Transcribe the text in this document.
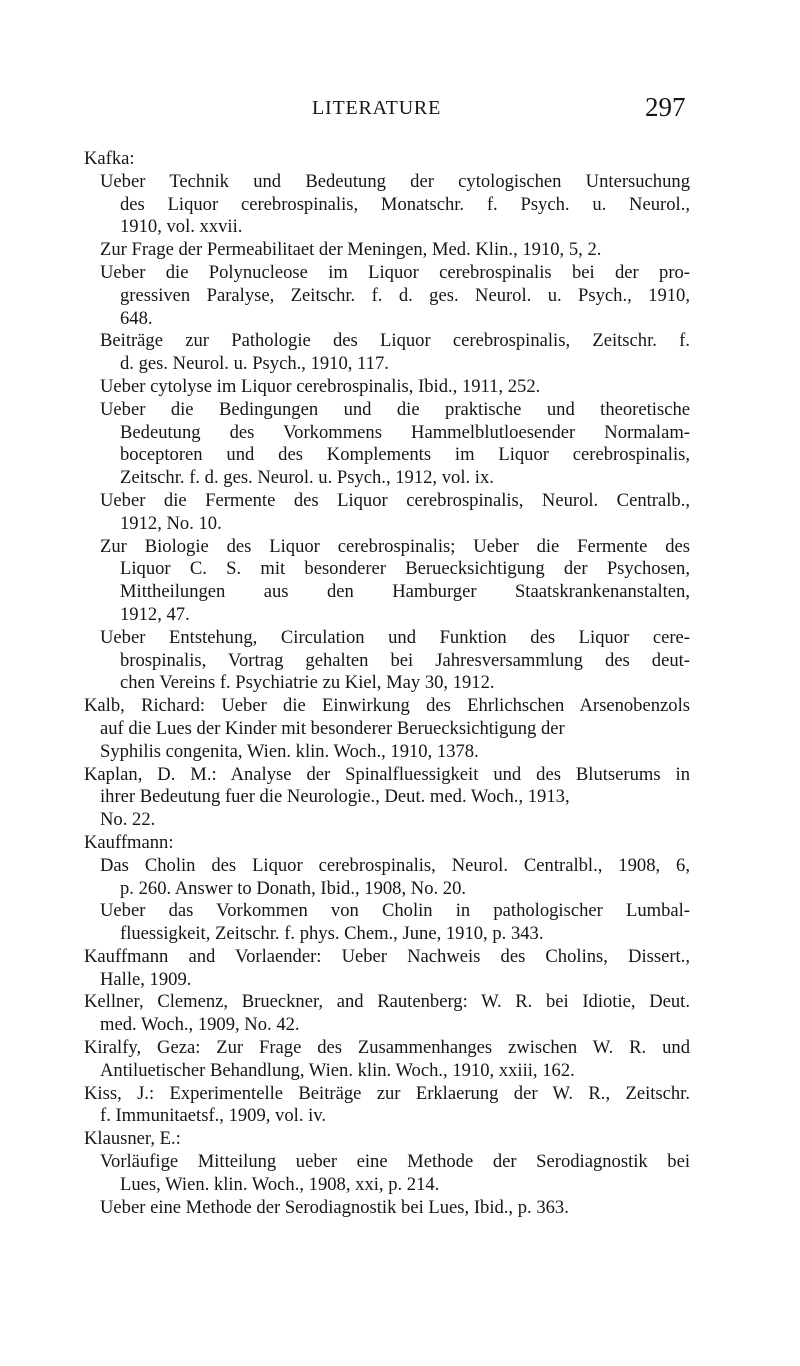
LITERATURE	297
Kafka:
Ueber Technik und Bedeutung der cytologischen Untersuchung
des Liquor cerebrospinalis, Monatschr. f. Psych. u. Neurol.,
1910, vol. xxvii.
Zur Frage der Permeabilitaet der Meningen, Med. Klin., 1910, 5, 2.
Ueber die Polynucleose im Liquor cerebrospinalis bei der pro-
gressiven Paralyse, Zeitschr. f. d. ges. Neurol. u. Psych., 1910,
648.
Beiträge zur Pathologie des Liquor cerebrospinalis, Zeitschr. f.
d. ges. Neurol. u. Psych., 1910, 117.
Ueber cytolyse im Liquor cerebrospinalis, Ibid., 1911, 252.
Ueber die Bedingungen und die praktische und theoretische
Bedeutung des Vorkommens Hammelblutloesender Normalam-
boceptoren und des Komplements im Liquor cerebrospinalis,
Zeitschr. f. d. ges. Neurol. u. Psych., 1912, vol. ix.
Ueber die Fermente des Liquor cerebrospinalis, Neurol. Centralb.,
1912, No. 10.
Zur Biologie des Liquor cerebrospinalis; Ueber die Fermente des
Liquor C. S. mit besonderer Beruecksichtigung der Psychosen,
Mittheilungen aus den Hamburger Staatskrankenanstalten,
1912, 47.
Ueber Entstehung, Circulation und Funktion des Liquor cere-
brospinalis, Vortrag gehalten bei Jahresversammlung des deut-
chen Vereins f. Psychiatrie zu Kiel, May 30, 1912.
Kalb, Richard: Ueber die Einwirkung des Ehrlichschen Arsenobenzols
auf die Lues der Kinder mit besonderer Beruecksichtigung der
Syphilis congenita, Wien. klin. Woch., 1910, 1378.
Kaplan, D. M.: Analyse der Spinalfluessigkeit und des Blutserums in
ihrer Bedeutung fuer die Neurologie., Deut. med. Woch., 1913,
No. 22.
Kauffmann:
Das Cholin des Liquor cerebrospinalis, Neurol. Centralbl., 1908, 6,
p. 260. Answer to Donath, Ibid., 1908, No. 20.
Ueber das Vorkommen von Cholin in pathologischer Lumbal-
fluessigkeit, Zeitschr. f. phys. Chem., June, 1910, p. 343.
Kauffmann and Vorlaender: Ueber Nachweis des Cholins, Dissert.,
Halle, 1909.
Kellner, Clemenz, Brueckner, and Rautenberg: W. R. bei Idiotie, Deut.
med. Woch., 1909, No. 42.
Kiralfy, Geza: Zur Frage des Zusammenhanges zwischen W. R. und
Antiluetischer Behandlung, Wien. klin. Woch., 1910, xxiii, 162.
Kiss, J.: Experimentelle Beiträge zur Erklaerung der W. R., Zeitschr.
f. Immunitaetsf., 1909, vol. iv.
Klausner, E.:
Vorläufige Mitteilung ueber eine Methode der Serodiagnostik bei
Lues, Wien. klin. Woch., 1908, xxi, p. 214.
Ueber eine Methode der Serodiagnostik bei Lues, Ibid., p. 363.
